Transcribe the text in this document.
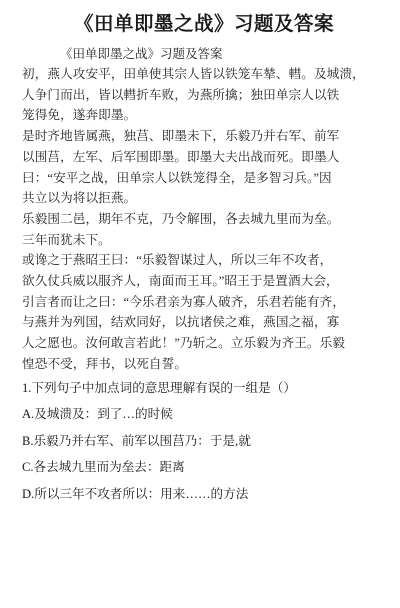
《田单即墨之战》习题及答案
《田单即墨之战》习题及答案

初，燕人攻安平，田单使其宗人皆以铁笼车辇、轊。及城溃，
人争门而出，皆以轊折车败，为燕所擒；独田单宗人以铁
笼得免，遂奔即墨。

是时齐地皆属燕，独莒、即墨未下，乐毅乃并右军、前军
以围莒，左军、后军围即墨。即墨大夫出战而死。即墨人
曰：“安平之战，田单宗人以铁笼得全，是多智习兵。”因
共立以为将以拒燕。

乐毅围二邑，期年不克，乃令解围，各去城九里而为垒。

三年而犹未下。

或谗之于燕昭王曰：“乐毅智谋过人，所以三年不攻者，
欲久仗兵威以服齐人，南面而王耳。”昭王于是置酒大会，
引言者而让之曰：“今乐君亲为寡人破齐，乐君若能有齐，
与燕并为列国，结欢同好，以抗诸侯之难，燕国之福，寡
人之愿也。汝何敢言若此！”乃斩之。立乐毅为齐王。乐毅
惶恐不受，拜书，以死自誓。

1.下列句子中加点词的意思理解有误的一组是（）

A.及城溃及：到了…的时候

B.乐毅乃并右军、前军以围莒乃：于是,就

C.各去城九里而为垒去：距离

D.所以三年不攻者所以：用来……的方法
